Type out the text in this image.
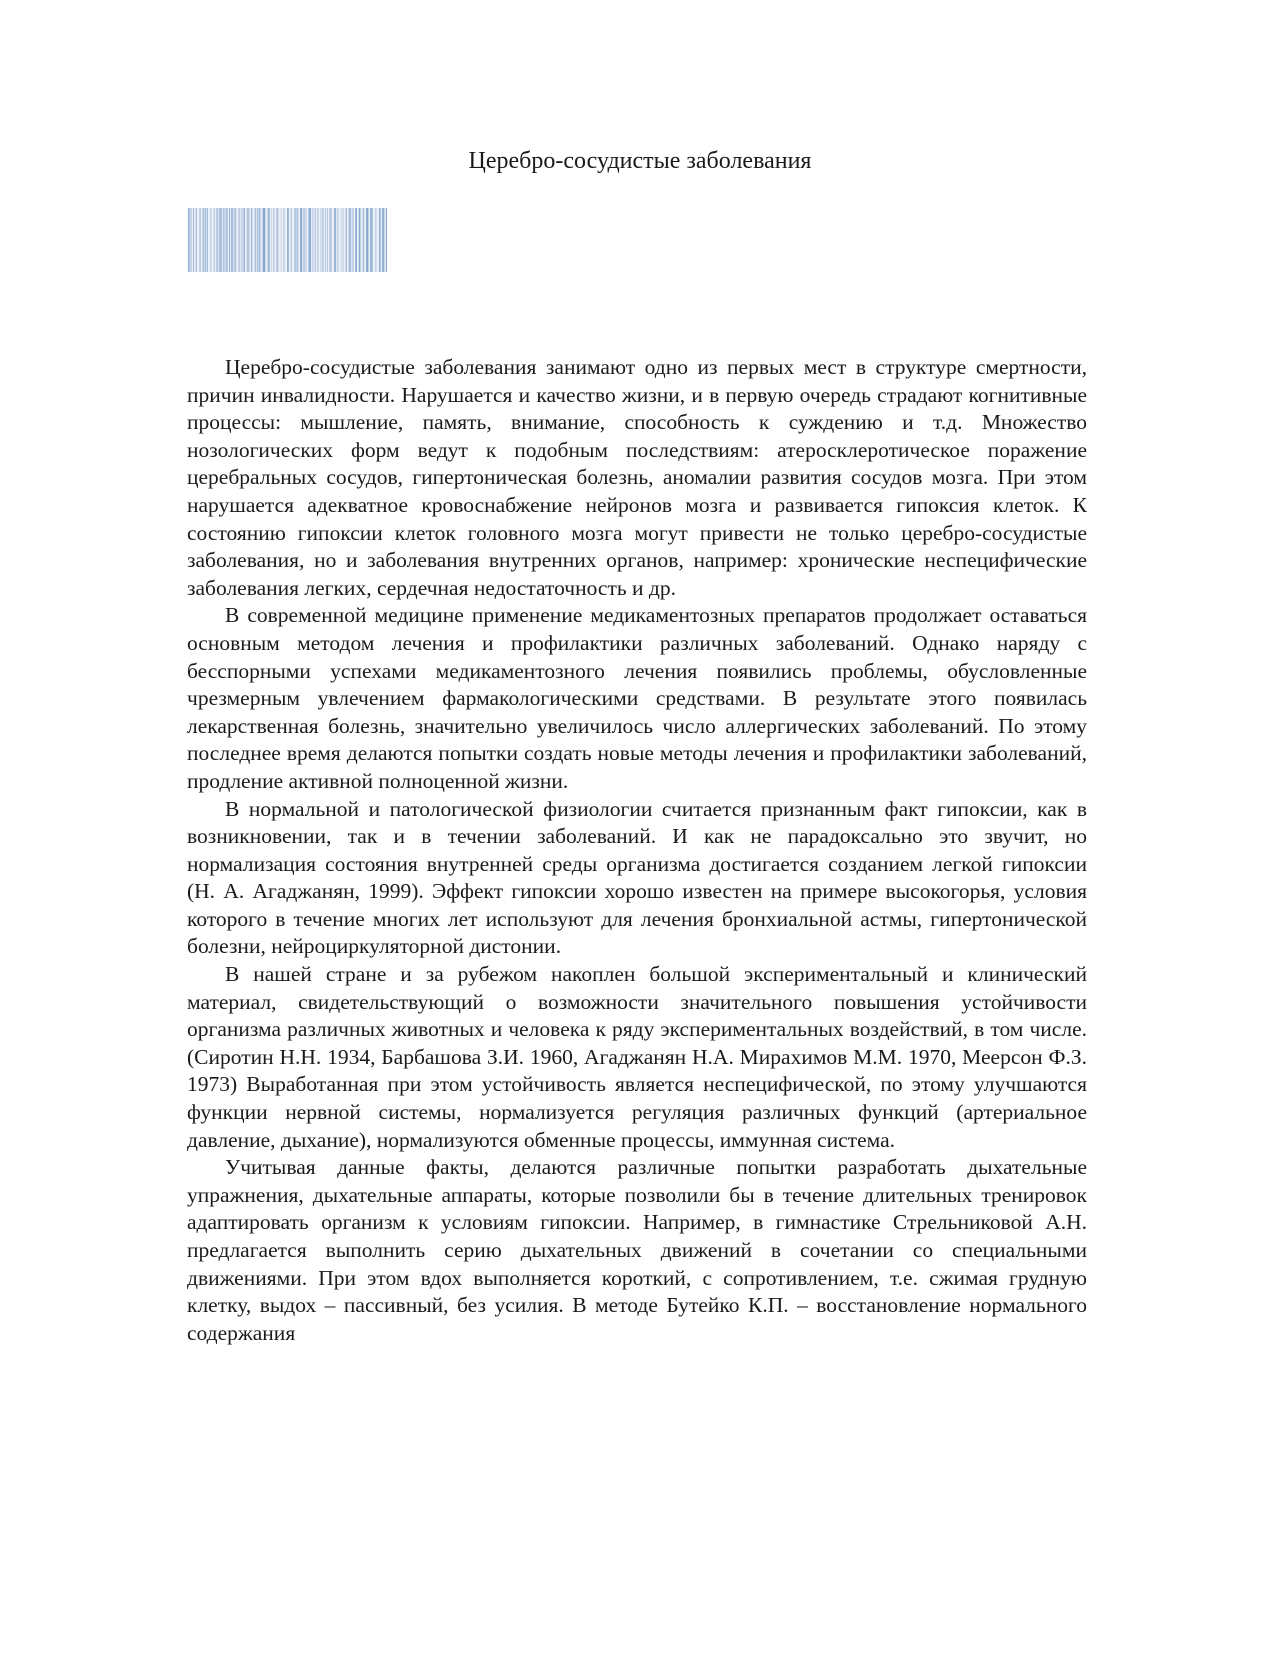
Церебро-сосудистые заболевания

Церебро-сосудистые заболевания занимают одно из первых мест в структуре смертности, причин инвалидности. Нарушается и качество жизни, и в первую очередь страдают когнитивные процессы: мышление, память, внимание, способность к суждению и т.д. Множество нозологических форм ведут к подобным последствиям: атеросклеротическое поражение церебральных сосудов, гипертоническая болезнь, аномалии развития сосудов мозга. При этом нарушается адекватное кровоснабжение нейронов мозга и развивается гипоксия клеток. К состоянию гипоксии клеток головного мозга могут привести не только церебро-сосудистые заболевания, но и заболевания внутренних органов, например: хронические неспецифические заболевания легких, сердечная недостаточность и др.

В современной медицине применение медикаментозных препаратов продолжает оставаться основным методом лечения и профилактики различных заболеваний. Однако наряду с бесспорными успехами медикаментозного лечения появились проблемы, обусловленные чрезмерным увлечением фармакологическими средствами. В результате этого появилась лекарственная болезнь, значительно увеличилось число аллергических заболеваний. По этому последнее время делаются попытки создать новые методы лечения и профилактики заболеваний, продление активной полноценной жизни.

В нормальной и патологической физиологии считается признанным факт гипоксии, как в возникновении, так и в течении заболеваний. И как не парадоксально это звучит, но нормализация состояния внутренней среды организма достигается созданием легкой гипоксии (Н. А. Агаджанян, 1999). Эффект гипоксии хорошо известен на примере высокогорья, условия которого в течение многих лет используют для лечения бронхиальной астмы, гипертонической болезни, нейроциркуляторной дистонии.

В нашей стране и за рубежом накоплен большой экспериментальный и клинический материал, свидетельствующий о возможности значительного повышения устойчивости организма различных животных и человека к ряду экспериментальных воздействий, в том числе. (Сиротин Н.Н. 1934, Барбашова З.И. 1960, Агаджанян Н.А. Мирахимов М.М. 1970, Меерсон Ф.З. 1973) Выработанная при этом устойчивость является неспецифической, по этому улучшаются функции нервной системы, нормализуется регуляция различных функций (артериальное давление, дыхание), нормализуются обменные процессы, иммунная система.

Учитывая данные факты, делаются различные попытки разработать дыхательные упражнения, дыхательные аппараты, которые позволили бы в течение длительных тренировок адаптировать организм к условиям гипоксии. Например, в гимнастике Стрельниковой А.Н. предлагается выполнить серию дыхательных движений в сочетании со специальными движениями. При этом вдох выполняется короткий, с сопротивлением, т.е. сжимая грудную клетку, выдох – пассивный, без усилия. В методе Бутейко К.П. – восстановление нормального содержания
